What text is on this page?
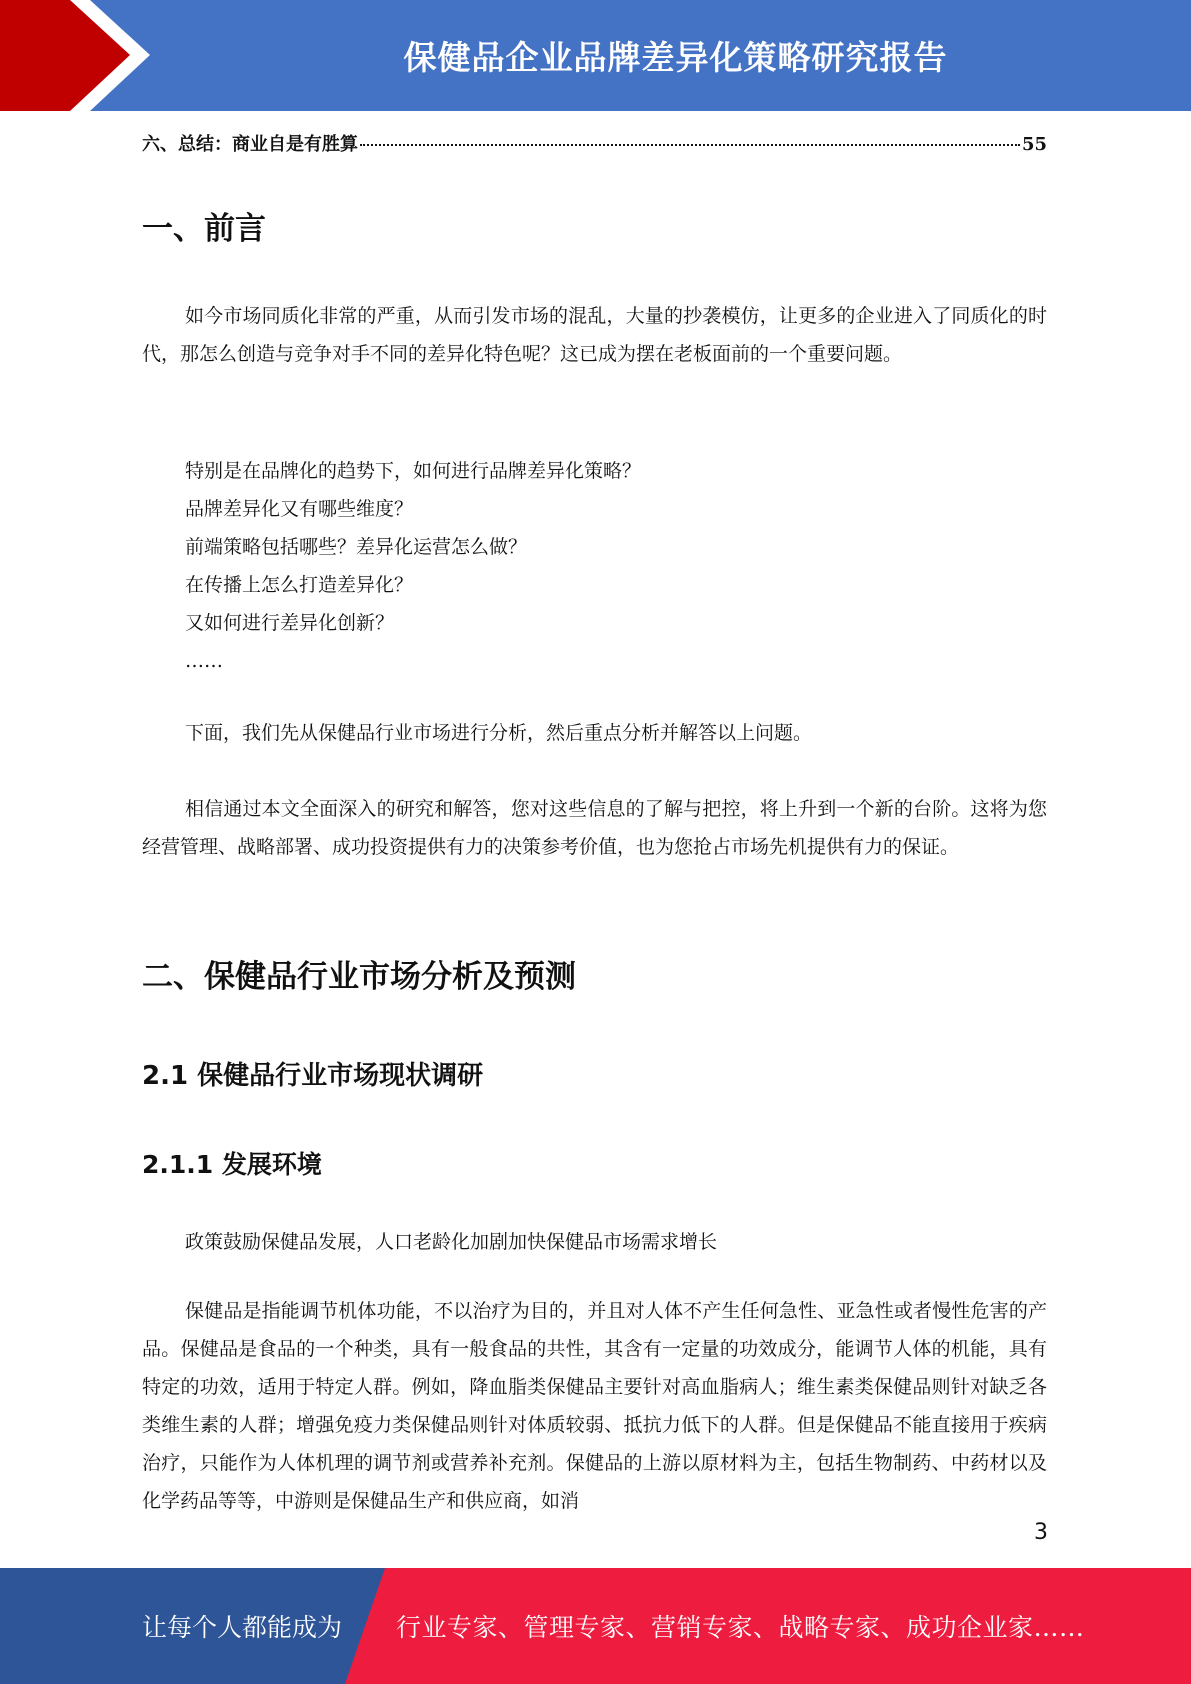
保健品企业品牌差异化策略研究报告
六、总结：商业自是有胜算	55
一、前言

如今市场同质化非常的严重，从而引发市场的混乱，大量的抄袭模仿，让更多的企业进入了同质化的时代，那怎么创造与竞争对手不同的差异化特色呢？这已成为摆在老板面前的一个重要问题。

特别是在品牌化的趋势下，如何进行品牌差异化策略？
品牌差异化又有哪些维度？
前端策略包括哪些？差异化运营怎么做？
在传播上怎么打造差异化？
又如何进行差异化创新？
……

下面，我们先从保健品行业市场进行分析，然后重点分析并解答以上问题。

相信通过本文全面深入的研究和解答，您对这些信息的了解与把控，将上升到一个新的台阶。这将为您经营管理、战略部署、成功投资提供有力的决策参考价值，也为您抢占市场先机提供有力的保证。

二、保健品行业市场分析及预测
2.1 保健品行业市场现状调研
2.1.1 发展环境

政策鼓励保健品发展，人口老龄化加剧加快保健品市场需求增长

保健品是指能调节机体功能，不以治疗为目的，并且对人体不产生任何急性、亚急性或者慢性危害的产品。保健品是食品的一个种类，具有一般食品的共性，其含有一定量的功效成分，能调节人体的机能，具有特定的功效，适用于特定人群。例如，降血脂类保健品主要针对高血脂病人；维生素类保健品则针对缺乏各类维生素的人群；增强免疫力类保健品则针对体质较弱、抵抗力低下的人群。但是保健品不能直接用于疾病治疗，只能作为人体机理的调节剂或营养补充剂。保健品的上游以原材料为主，包括生物制药、中药材以及化学药品等等，中游则是保健品生产和供应商，如消

3
让每个人都能成为 行业专家、管理专家、营销专家、战略专家、成功企业家……
